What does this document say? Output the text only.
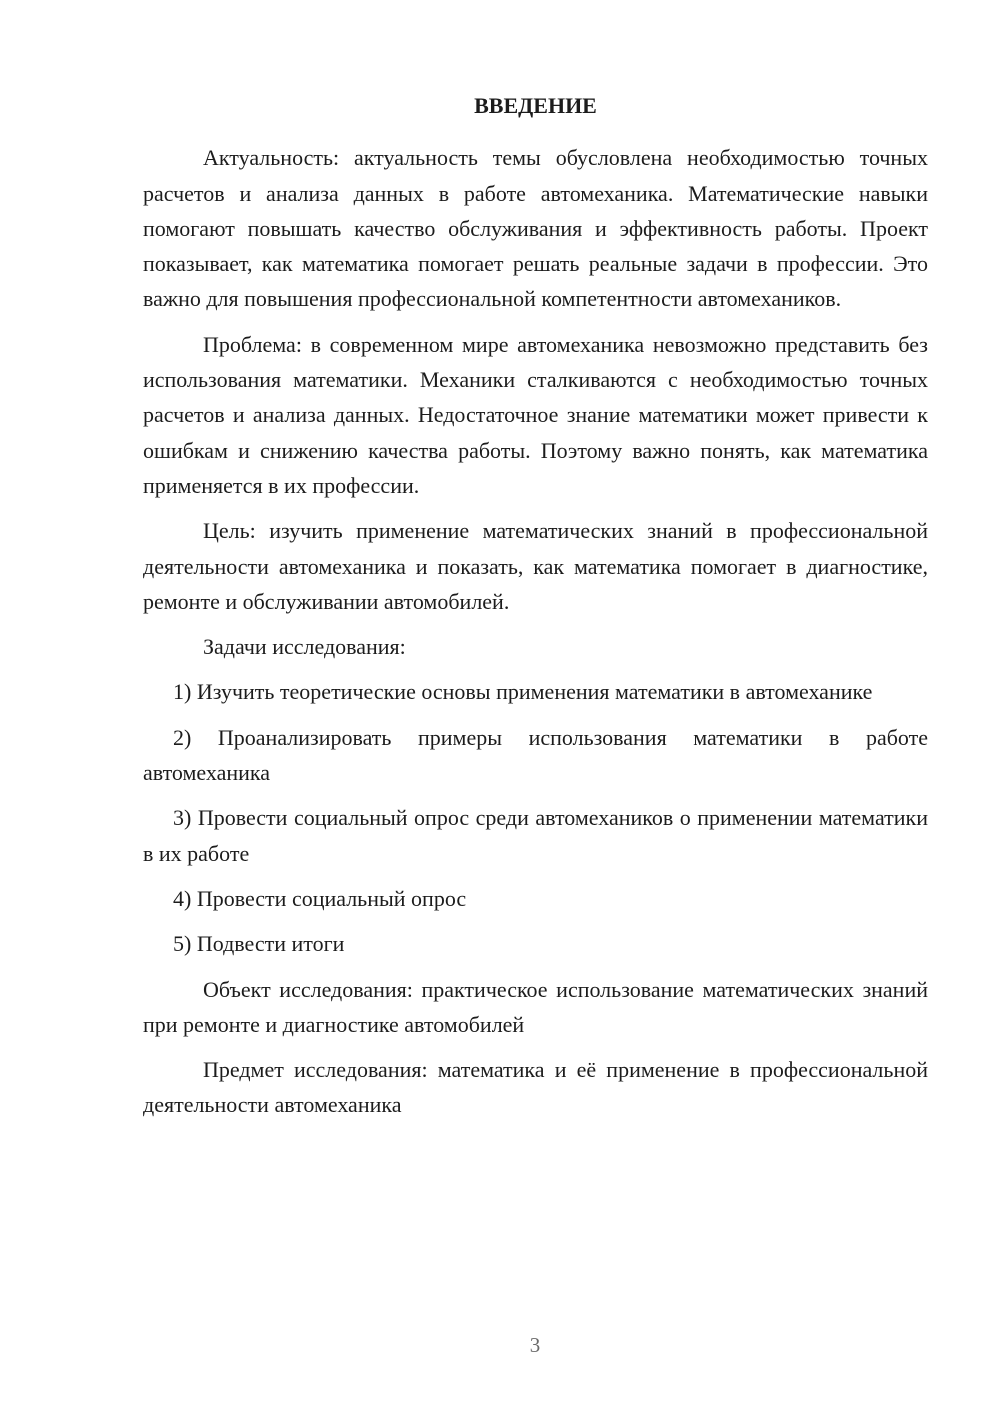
ВВЕДЕНИЕ

Актуальность: актуальность темы обусловлена необходимостью точных расчетов и анализа данных в работе автомеханика. Математические навыки помогают повышать качество обслуживания и эффективность работы. Проект показывает, как математика помогает решать реальные задачи в профессии. Это важно для повышения профессиональной компетентности автомехаников.

Проблема: в современном мире автомеханика невозможно представить без использования математики. Механики сталкиваются с необходимостью точных расчетов и анализа данных. Недостаточное знание математики может привести к ошибкам и снижению качества работы. Поэтому важно понять, как математика применяется в их профессии.

Цель: изучить применение математических знаний в профессиональной деятельности автомеханика и показать, как математика помогает в диагностике, ремонте и обслуживании автомобилей.

Задачи исследования:

1) Изучить теоретические основы применения математики в автомеханике

2) Проанализировать примеры использования математики в работе автомеханика

3) Провести социальный опрос среди автомехаников о применении математики в их работе

4) Провести социальный опрос

5) Подвести итоги

Объект исследования: практическое использование математических знаний при ремонте и диагностике автомобилей

Предмет исследования: математика и её применение в профессиональной деятельности автомеханика

3
